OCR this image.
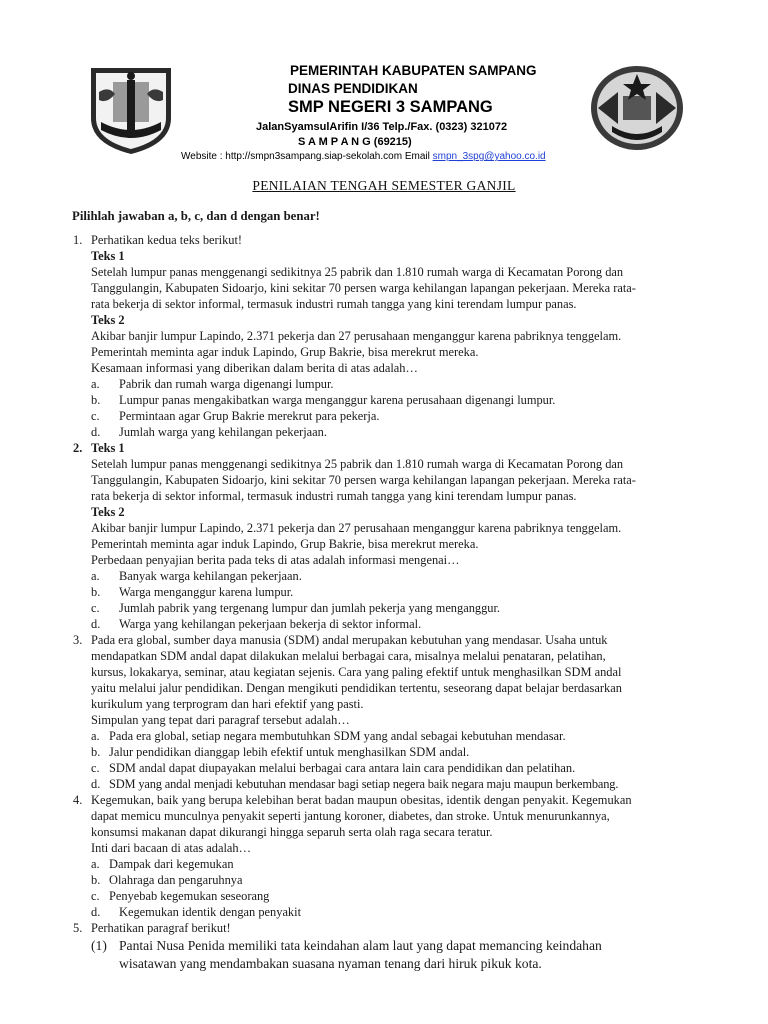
PEMERINTAH KABUPATEN SAMPANG
DINAS PENDIDIKAN
SMP NEGERI 3 SAMPANG
JalanSyamsulArifin I/36 Telp./Fax. (0323) 321072
S A M P A N G (69215)
Website : http://smpn3sampang.siap-sekolah.com Email smpn_3spg@yahoo.co.id
PENILAIAN TENGAH SEMESTER GANJIL
Pilihlah jawaban a, b, c, dan d dengan benar!
1. Perhatikan kedua teks berikut!
Teks 1
Setelah lumpur panas menggenangi sedikitnya 25 pabrik dan 1.810 rumah warga di Kecamatan Porong dan
Tanggulangin, Kabupaten Sidoarjo, kini sekitar 70 persen warga kehilangan lapangan pekerjaan. Mereka rata-
rata bekerja di sektor informal, termasuk industri rumah tangga yang kini terendam lumpur panas.
Teks 2
Akibar banjir lumpur Lapindo, 2.371 pekerja dan 27 perusahaan menganggur karena pabriknya tenggelam.
Pemerintah meminta agar induk Lapindo, Grup Bakrie, bisa merekrut mereka.
Kesamaan informasi yang diberikan dalam berita di atas adalah…
a. Pabrik dan rumah warga digenangi lumpur.
b. Lumpur panas mengakibatkan warga menganggur karena perusahaan digenangi lumpur.
c. Permintaan agar Grup Bakrie merekrut para pekerja.
d. Jumlah warga yang kehilangan pekerjaan.
2. Teks 1
Setelah lumpur panas menggenangi sedikitnya 25 pabrik dan 1.810 rumah warga di Kecamatan Porong dan
Tanggulangin, Kabupaten Sidoarjo, kini sekitar 70 persen warga kehilangan lapangan pekerjaan. Mereka rata-
rata bekerja di sektor informal, termasuk industri rumah tangga yang kini terendam lumpur panas.
Teks 2
Akibar banjir lumpur Lapindo, 2.371 pekerja dan 27 perusahaan menganggur karena pabriknya tenggelam.
Pemerintah meminta agar induk Lapindo, Grup Bakrie, bisa merekrut mereka.
Perbedaan penyajian berita pada teks di atas adalah informasi mengenai…
a. Banyak warga kehilangan pekerjaan.
b. Warga menganggur karena lumpur.
c. Jumlah pabrik yang tergenang lumpur dan jumlah pekerja yang menganggur.
d. Warga yang kehilangan pekerjaan bekerja di sektor informal.
3. Pada era global, sumber daya manusia (SDM) andal merupakan kebutuhan yang mendasar. Usaha untuk
mendapatkan SDM andal dapat dilakukan melalui berbagai cara, misalnya melalui penataran, pelatihan,
kursus, lokakarya, seminar, atau kegiatan sejenis. Cara yang paling efektif untuk menghasilkan SDM andal
yaitu melalui jalur pendidikan. Dengan mengikuti pendidikan tertentu, seseorang dapat belajar berdasarkan
kurikulum yang terprogram dan hari efektif yang pasti.
Simpulan yang tepat dari paragraf tersebut adalah…
a. Pada era global, setiap negara membutuhkan SDM yang andal sebagai kebutuhan mendasar.
b. Jalur pendidikan dianggap lebih efektif untuk menghasilkan SDM andal.
c. SDM andal dapat diupayakan melalui berbagai cara antara lain cara pendidikan dan pelatihan.
d. SDM yang andal menjadi kebutuhan mendasar bagi setiap negera baik negara maju maupun berkembang.
4. Kegemukan, baik yang berupa kelebihan berat badan maupun obesitas, identik dengan penyakit. Kegemukan
dapat memicu munculnya penyakit seperti jantung koroner, diabetes, dan stroke. Untuk menurunkannya,
konsumsi makanan dapat dikurangi hingga separuh serta olah raga secara teratur.
Inti dari bacaan di atas adalah…
a. Dampak dari kegemukan
b. Olahraga dan pengaruhnya
c. Penyebab kegemukan seseorang
d. Kegemukan identik dengan penyakit
5. Perhatikan paragraf berikut!
(1) Pantai Nusa Penida memiliki tata keindahan alam laut yang dapat memancing keindahan
wisatawan yang mendambakan suasana nyaman tenang dari hiruk pikuk kota.
